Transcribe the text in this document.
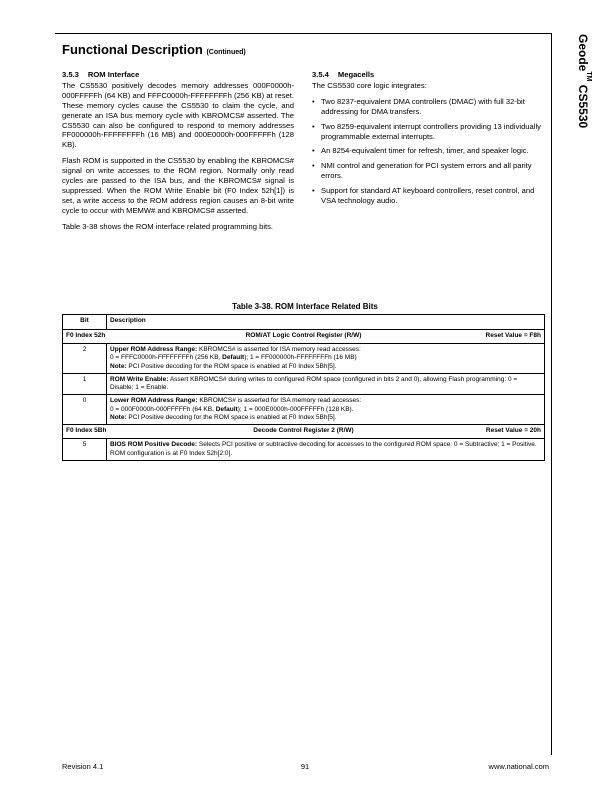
Geode™ CS5530
Functional Description (Continued)
3.5.3 ROM Interface

The CS5530 positively decodes memory addresses 000F0000h-000FFFFFh (64 KB) and FFFC0000h-FFFFFFFFh (256 KB) at reset. These memory cycles cause the CS5530 to claim the cycle, and generate an ISA bus memory cycle with KBROMCS# asserted. The CS5530 can also be configured to respond to memory addresses FF000000h-FFFFFFFFh (16 MB) and 000E0000h-000FFFFFh (128 KB).

Flash ROM is supported in the CS5530 by enabling the KBROMCS# signal on write accesses to the ROM region. Normally only read cycles are passed to the ISA bus, and the KBROMCS# signal is suppressed. When the ROM Write Enable bit (F0 Index 52h[1]) is set, a write access to the ROM address region causes an 8-bit write cycle to occur with MEMW# and KBROMCS# asserted.

Table 3-38 shows the ROM interface related programming bits.

3.5.4 Megacells

The CS5530 core logic integrates:

• Two 8237-equivalent DMA controllers (DMAC) with full 32-bit addressing for DMA transfers.
• Two 8259-equivalent interrupt controllers providing 13 individually programmable external interrupts.
• An 8254-equivalent timer for refresh, timer, and speaker logic.
• NMI control and generation for PCI system errors and all parity errors.
• Support for standard AT keyboard controllers, reset control, and VSA technology audio.
Table 3-38. ROM Interface Related Bits
Bit	Description

F0 Index 52h ROM/AT Logic Control Register (R/W) Reset Value = F8h	

2	Upper ROM Address Range: KBROMCS# is asserted for ISA memory read accesses:
0 = FFFC0000h-FFFFFFFFh (256 KB, Default); 1 = FF000000h-FFFFFFFFh (16 MB)
Note: PCI Positive decoding for the ROM space is enabled at F0 Index 5Bh[5].
1	ROM Write Enable: Assert KBROMCS# during writes to configured ROM space (configured in bits 2 and 0), allowing Flash programming: 0 = Disable; 1 = Enable.
0	Lower ROM Address Range: KBROMCS# is asserted for ISA memory read accesses:
0 = 000F0000h-000FFFFFh (64 KB, Default); 1 = 000E0000h-000FFFFFh (128 KB).
Note: PCI Positive decoding for the ROM space is enabled at F0 Index 5Bh[5].

F0 Index 5Bh Decode Control Register 2 (R/W) Reset Value = 20h	

5	BIOS ROM Positive Decode: Selects PCI positive or subtractive decoding for accesses to the configured ROM space: 0 = Subtractive; 1 = Positive.
ROM configuration is at F0 Index 52h[2:0].
Revision 4.1	91	www.national.com
